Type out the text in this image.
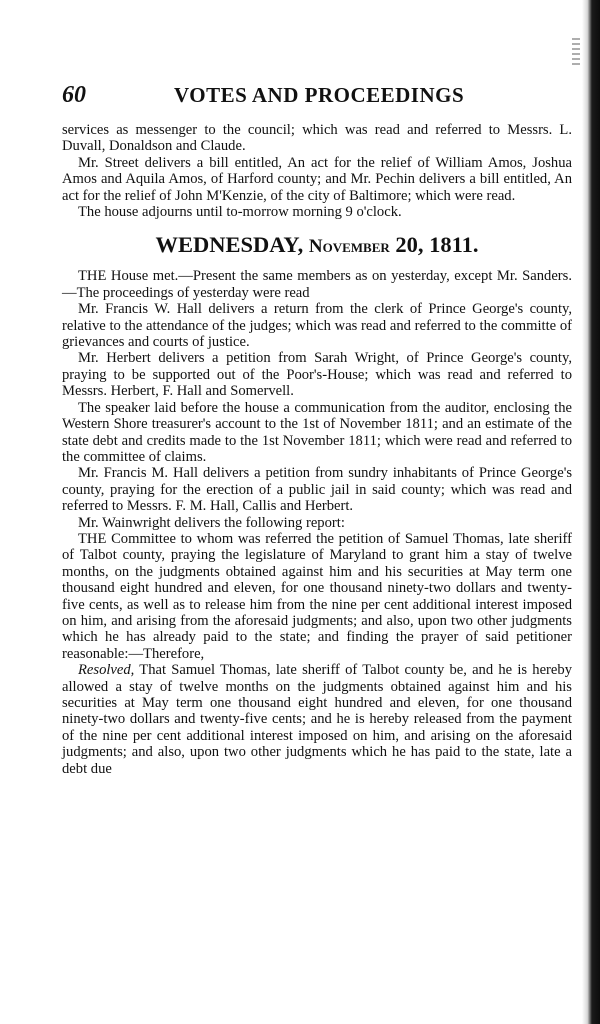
60	VOTES AND PROCEEDINGS

services as messenger to the council; which was read and referred to Messrs. L. Duvall, Donaldson and Claude.

Mr. Street delivers a bill entitled, An act for the relief of William Amos, Joshua Amos and Aquila Amos, of Harford county; and Mr. Pechin delivers a bill entitled, An act for the relief of John M'Kenzie, of the city of Baltimore; which were read.

The house adjourns until to-morrow morning 9 o'clock.

WEDNESDAY, November 20, 1811.

THE House met.—Present the same members as on yesterday, except Mr. Sanders.—The proceedings of yesterday were read

Mr. Francis W. Hall delivers a return from the clerk of Prince George's county, relative to the attendance of the judges; which was read and referred to the committe of grievances and courts of justice.

Mr. Herbert delivers a petition from Sarah Wright, of Prince George's county, praying to be supported out of the Poor's-House; which was read and referred to Messrs. Herbert, F. Hall and Somervell.

The speaker laid before the house a communication from the auditor, enclosing the Western Shore treasurer's account to the 1st of November 1811; and an estimate of the state debt and credits made to the 1st November 1811; which were read and referred to the committee of claims.

Mr. Francis M. Hall delivers a petition from sundry inhabitants of Prince George's county, praying for the erection of a public jail in said county; which was read and referred to Messrs. F. M. Hall, Callis and Herbert.

Mr. Wainwright delivers the following report:

THE Committee to whom was referred the petition of Samuel Thomas, late sheriff of Talbot county, praying the legislature of Maryland to grant him a stay of twelve months, on the judgments obtained against him and his securities at May term one thousand eight hundred and eleven, for one thousand ninety-two dollars and twenty-five cents, as well as to release him from the nine per cent additional interest imposed on him, and arising from the aforesaid judgments; and also, upon two other judgments which he has already paid to the state; and finding the prayer of said petitioner reasonable:—Therefore,

Resolved, That Samuel Thomas, late sheriff of Talbot county be, and he is hereby allowed a stay of twelve months on the judgments obtained against him and his securities at May term one thousand eight hundred and eleven, for one thousand ninety-two dollars and twenty-five cents; and he is hereby released from the payment of the nine per cent additional interest imposed on him, and arising on the aforesaid judgments; and also, upon two other judgments which he has paid to the state, late a debt due
